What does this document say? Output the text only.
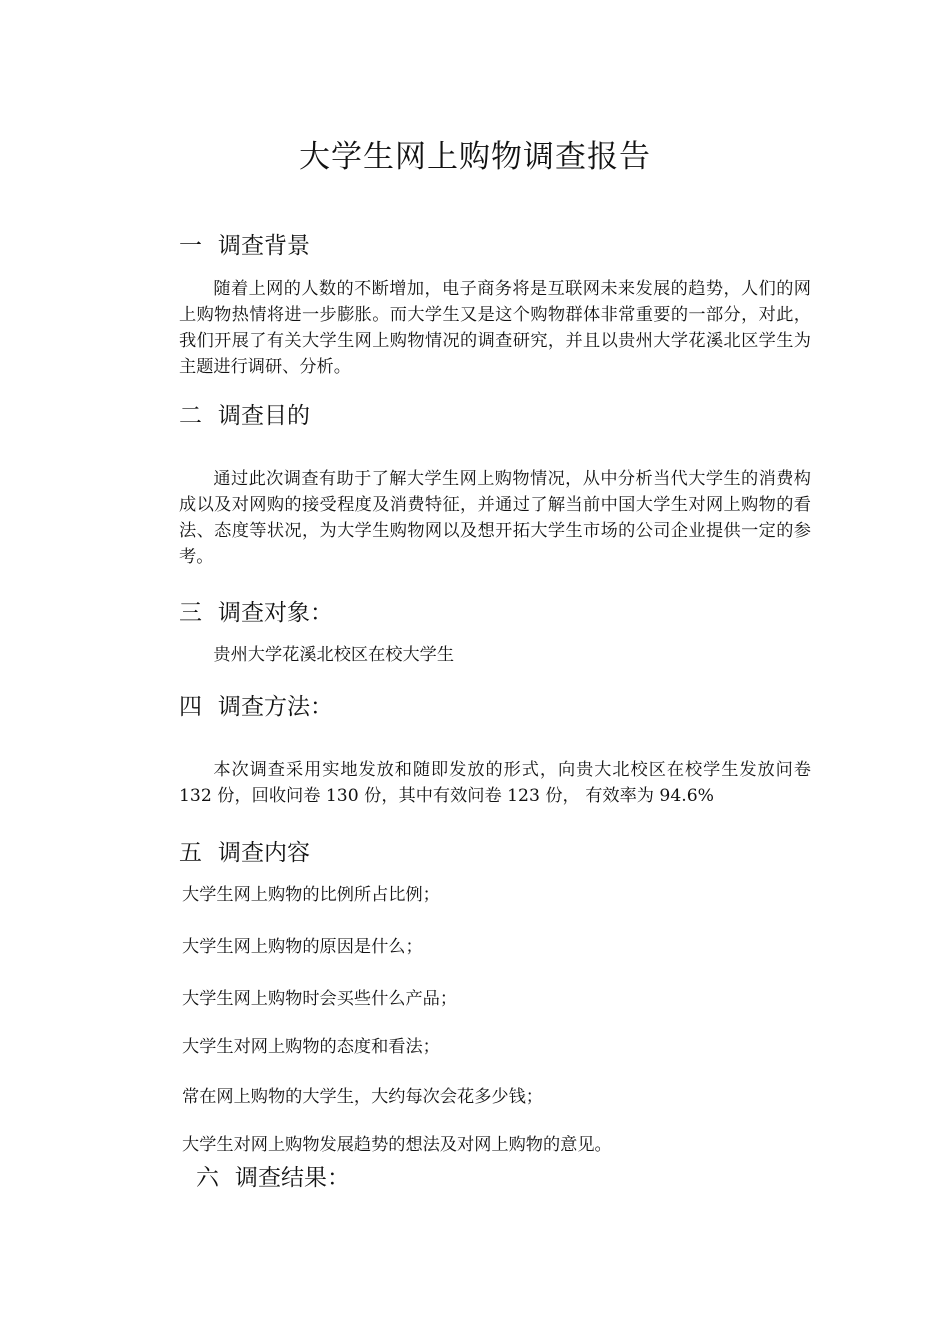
大学生网上购物调查报告
一 调查背景
随着上网的人数的不断增加，电子商务将是互联网未来发展的趋势，人们的网上购物热情将进一步膨胀。而大学生又是这个购物群体非常重要的一部分，对此，我们开展了有关大学生网上购物情况的调查研究，并且以贵州大学花溪北区学生为主题进行调研、分析。
二 调查目的
通过此次调查有助于了解大学生网上购物情况，从中分析当代大学生的消费构成以及对网购的接受程度及消费特征，并通过了解当前中国大学生对网上购物的看法、态度等状况，为大学生购物网以及想开拓大学生市场的公司企业提供一定的参考。
三 调查对象：
贵州大学花溪北校区在校大学生
四 调查方法：
本次调查采用实地发放和随即发放的形式，向贵大北校区在校学生发放问卷 132 份，回收问卷 130 份，其中有效问卷 123 份， 有效率为 94.6%
五 调查内容
大学生网上购物的比例所占比例；
大学生网上购物的原因是什么；
大学生网上购物时会买些什么产品；
大学生对网上购物的态度和看法；
常在网上购物的大学生，大约每次会花多少钱；
大学生对网上购物发展趋势的想法及对网上购物的意见。
六 调查结果：
